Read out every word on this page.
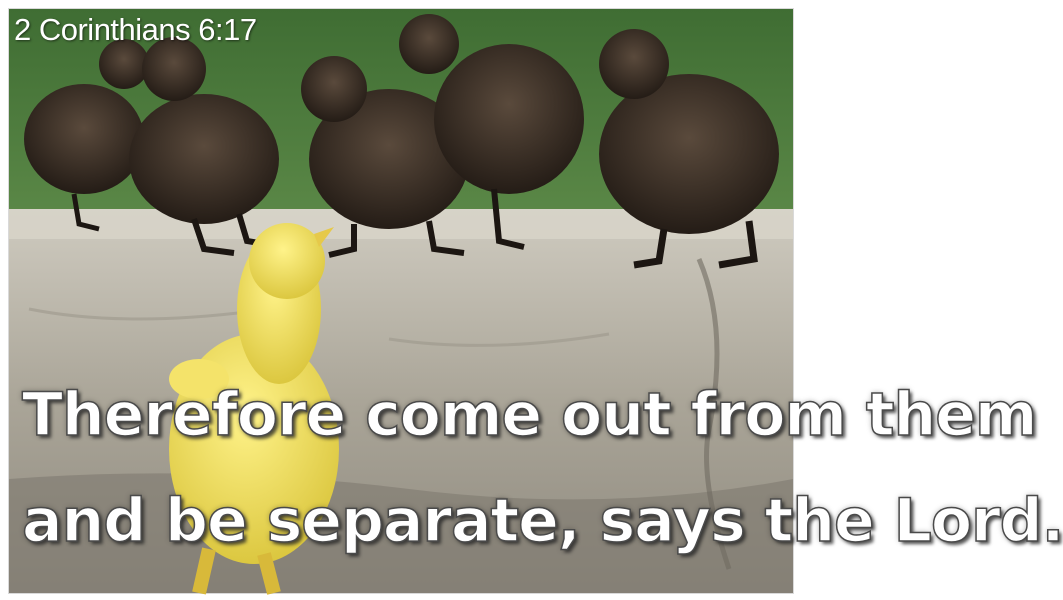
2 Corinthians 6:17
Therefore come out from them
and be separate, says the Lord.
